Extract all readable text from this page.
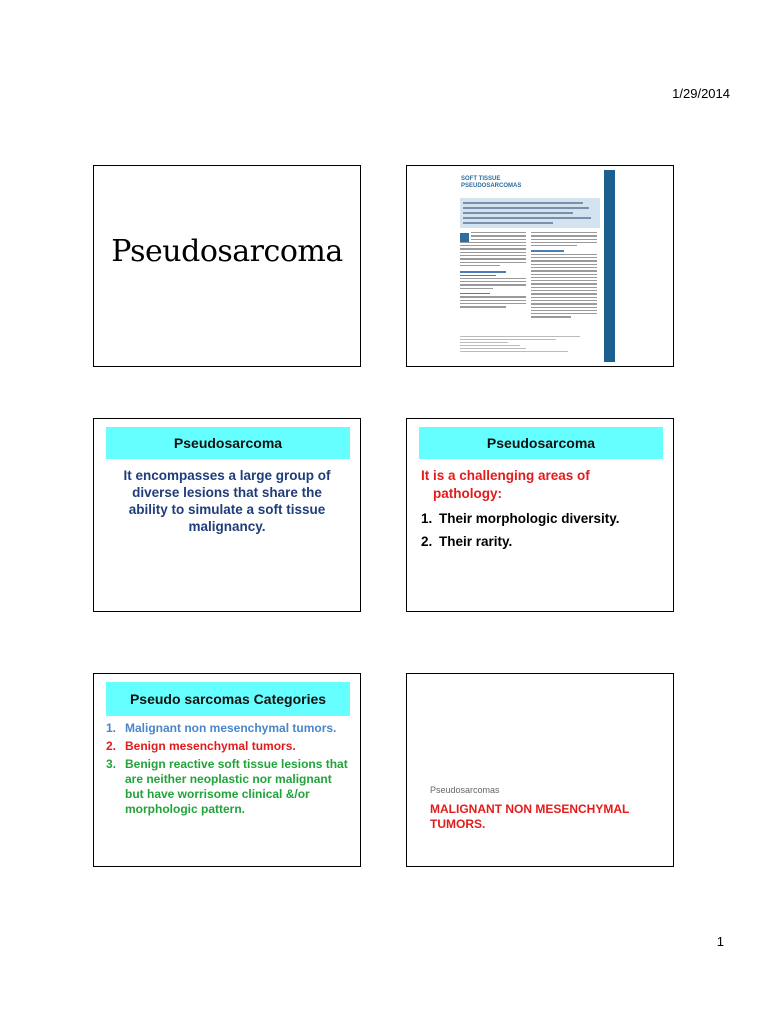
1/29/2014
Pseudosarcoma
SOFT TISSUE
PSEUDOSARCOMAS
Pseudosarcoma
It encompasses a large group of diverse lesions that share the ability to simulate a soft tissue malignancy.
Pseudosarcoma
It is a challenging areas of
pathology:
1. Their morphologic diversity.
2. Their rarity.
Pseudo sarcomas Categories
1. Malignant non mesenchymal tumors.
2. Benign mesenchymal tumors.
3. Benign reactive soft tissue lesions that are neither neoplastic nor malignant but have worrisome clinical &/or morphologic pattern.
Pseudosarcomas
MALIGNANT NON MESENCHYMAL TUMORS.
1
